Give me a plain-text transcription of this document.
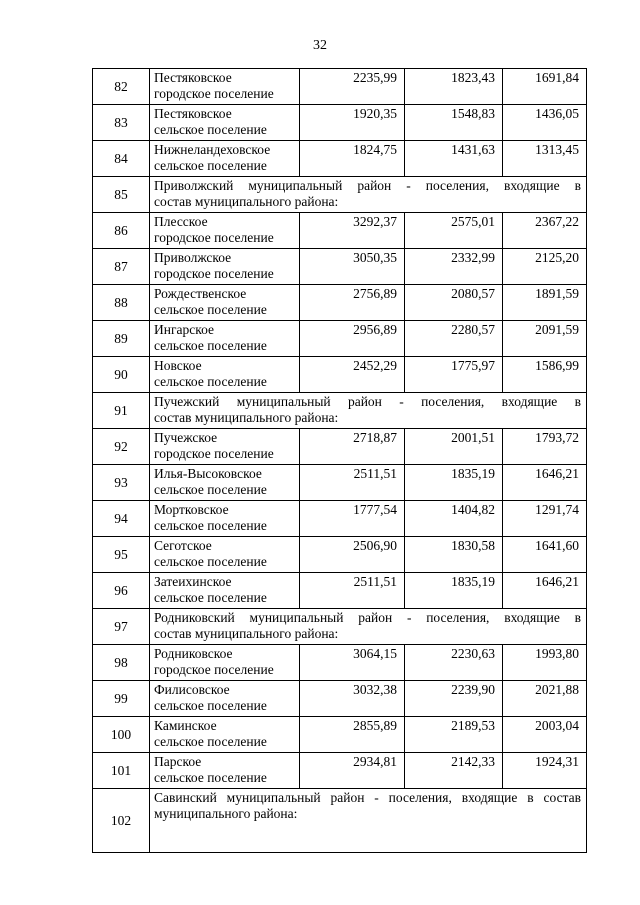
32
82	Пестяковское
городское поселение	2235,99	1823,43	1691,84
83	Пестяковское
сельское поселение	1920,35	1548,83	1436,05
84	Нижнеландеховское
сельское поселение	1824,75	1431,63	1313,45
85	Приволжский муниципальный район - поселения, входящие в
состав муниципального района:			

86	Плесское
городское поселение	3292,37	2575,01	2367,22
87	Приволжское
городское поселение	3050,35	2332,99	2125,20
88	Рождественское
сельское поселение	2756,89	2080,57	1891,59
89	Ингарское
сельское поселение	2956,89	2280,57	2091,59
90	Новское
сельское поселение	2452,29	1775,97	1586,99
91	Пучежский муниципальный район - поселения, входящие в
состав муниципального района:			

92	Пучежское
городское поселение	2718,87	2001,51	1793,72
93	Илья-Высоковское
сельское поселение	2511,51	1835,19	1646,21
94	Мортковское
сельское поселение	1777,54	1404,82	1291,74
95	Сеготское
сельское поселение	2506,90	1830,58	1641,60
96	Затеихинское
сельское поселение	2511,51	1835,19	1646,21
97	Родниковский муниципальный район - поселения, входящие в
состав муниципального района:			

98	Родниковское
городское поселение	3064,15	2230,63	1993,80
99	Филисовское
сельское поселение	3032,38	2239,90	2021,88
100	Каминское
сельское поселение	2855,89	2189,53	2003,04
101	Парское
сельское поселение	2934,81	2142,33	1924,31
102	Савинский муниципальный район - поселения, входящие в состав
муниципального района:			
